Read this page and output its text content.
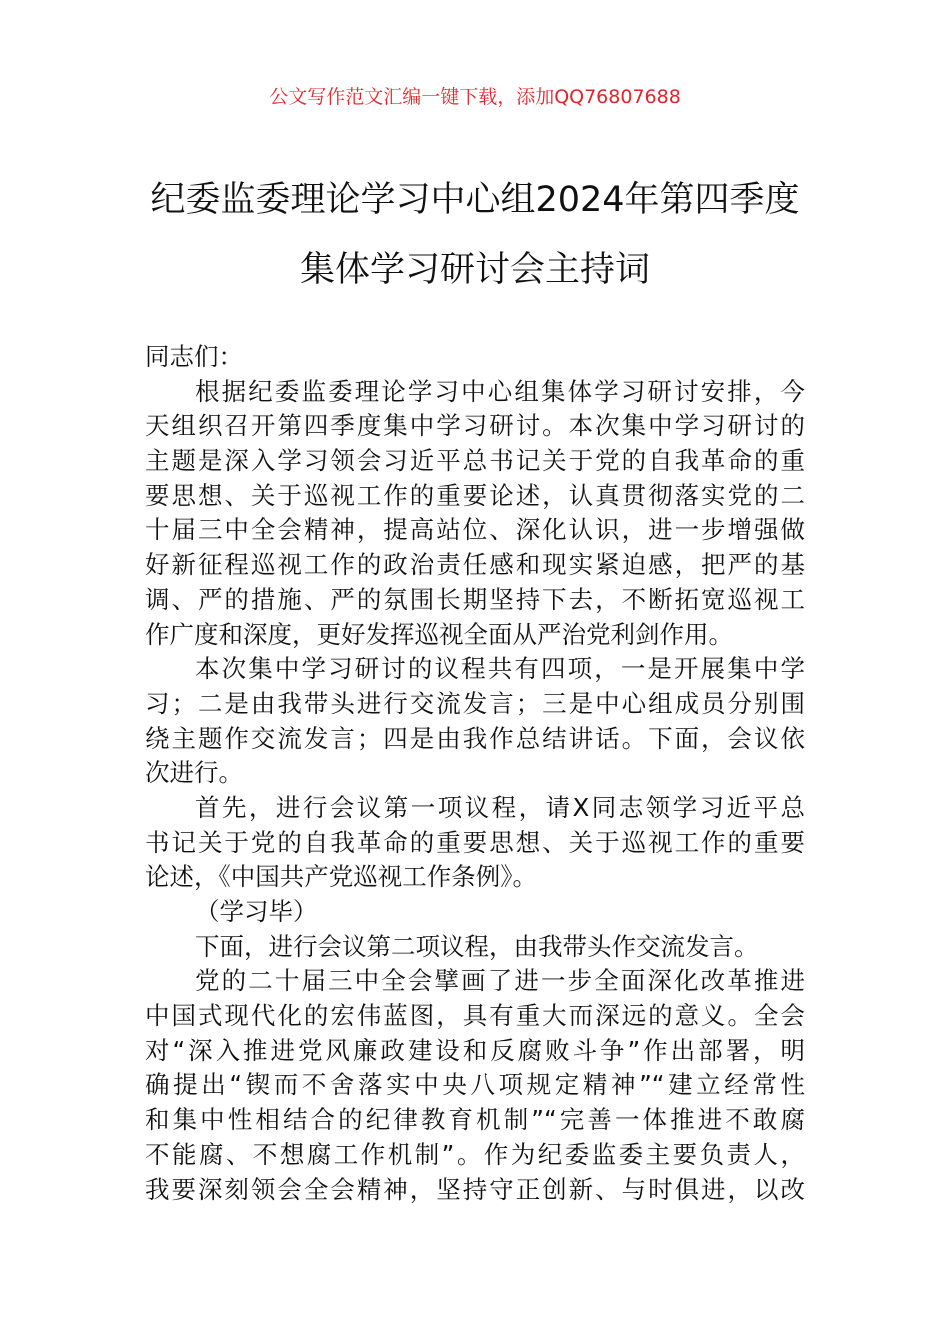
公文写作范文汇编一键下载，添加QQ76807688
纪委监委理论学习中心组2024年第四季度
集体学习研讨会主持词
同志们：
根据纪委监委理论学习中心组集体学习研讨安排，今
天组织召开第四季度集中学习研讨。本次集中学习研讨的
主题是深入学习领会习近平总书记关于党的自我革命的重
要思想、关于巡视工作的重要论述，认真贯彻落实党的二
十届三中全会精神，提高站位、深化认识，进一步增强做
好新征程巡视工作的政治责任感和现实紧迫感，把严的基
调、严的措施、严的氛围长期坚持下去，不断拓宽巡视工
作广度和深度，更好发挥巡视全面从严治党利剑作用。
本次集中学习研讨的议程共有四项，一是开展集中学
习；二是由我带头进行交流发言；三是中心组成员分别围
绕主题作交流发言；四是由我作总结讲话。下面，会议依
次进行。
首先，进行会议第一项议程，请X同志领学习近平总
书记关于党的自我革命的重要思想、关于巡视工作的重要
论述，《中国共产党巡视工作条例》。
（学习毕）
下面，进行会议第二项议程，由我带头作交流发言。
党的二十届三中全会擘画了进一步全面深化改革推进
中国式现代化的宏伟蓝图，具有重大而深远的意义。全会
对“深入推进党风廉政建设和反腐败斗争”作出部署，明
确提出“锲而不舍落实中央八项规定精神”“建立经常性
和集中性相结合的纪律教育机制”“完善一体推进不敢腐
不能腐、不想腐工作机制”。作为纪委监委主要负责人，
我要深刻领会全会精神，坚持守正创新、与时俱进，以改
